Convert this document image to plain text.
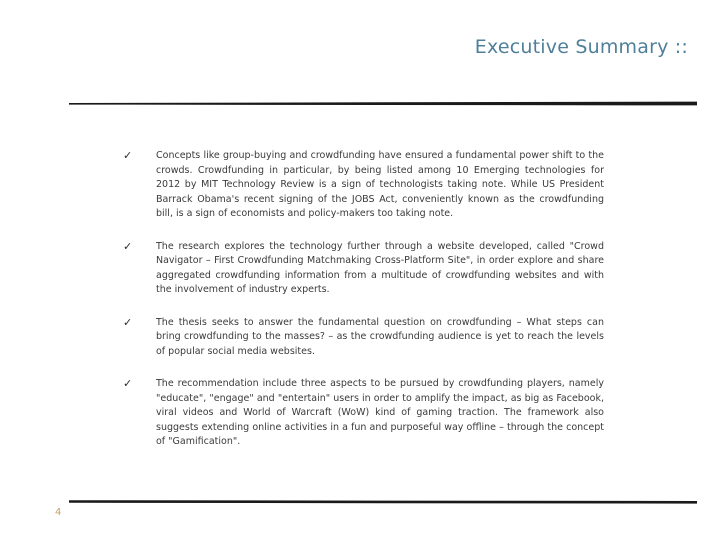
Executive Summary ::
✓	Concepts like group-buying and crowdfunding have ensured a fundamental power shift to the crowds. Crowdfunding in particular, by being listed among 10 Emerging technologies for 2012 by MIT Technology Review is a sign of technologists taking note. While US President Barrack Obama's recent signing of the JOBS Act, conveniently known as the crowdfunding bill, is a sign of economists and policy-makers too taking note.

✓	The research explores the technology further through a website developed, called "Crowd Navigator – First Crowdfunding Matchmaking Cross-Platform Site", in order explore and share aggregated crowdfunding information from a multitude of crowdfunding websites and with the involvement of industry experts.

✓	The thesis seeks to answer the fundamental question on crowdfunding – What steps can bring crowdfunding to the masses? – as the crowdfunding audience is yet to reach the levels of popular social media websites.

✓	The recommendation include three aspects to be pursued by crowdfunding players, namely "educate", "engage" and "entertain" users in order to amplify the impact, as big as Facebook, viral videos and World of Warcraft (WoW) kind of gaming traction. The framework also suggests extending online activities in a fun and purposeful way offline – through the concept of "Gamification".

4
